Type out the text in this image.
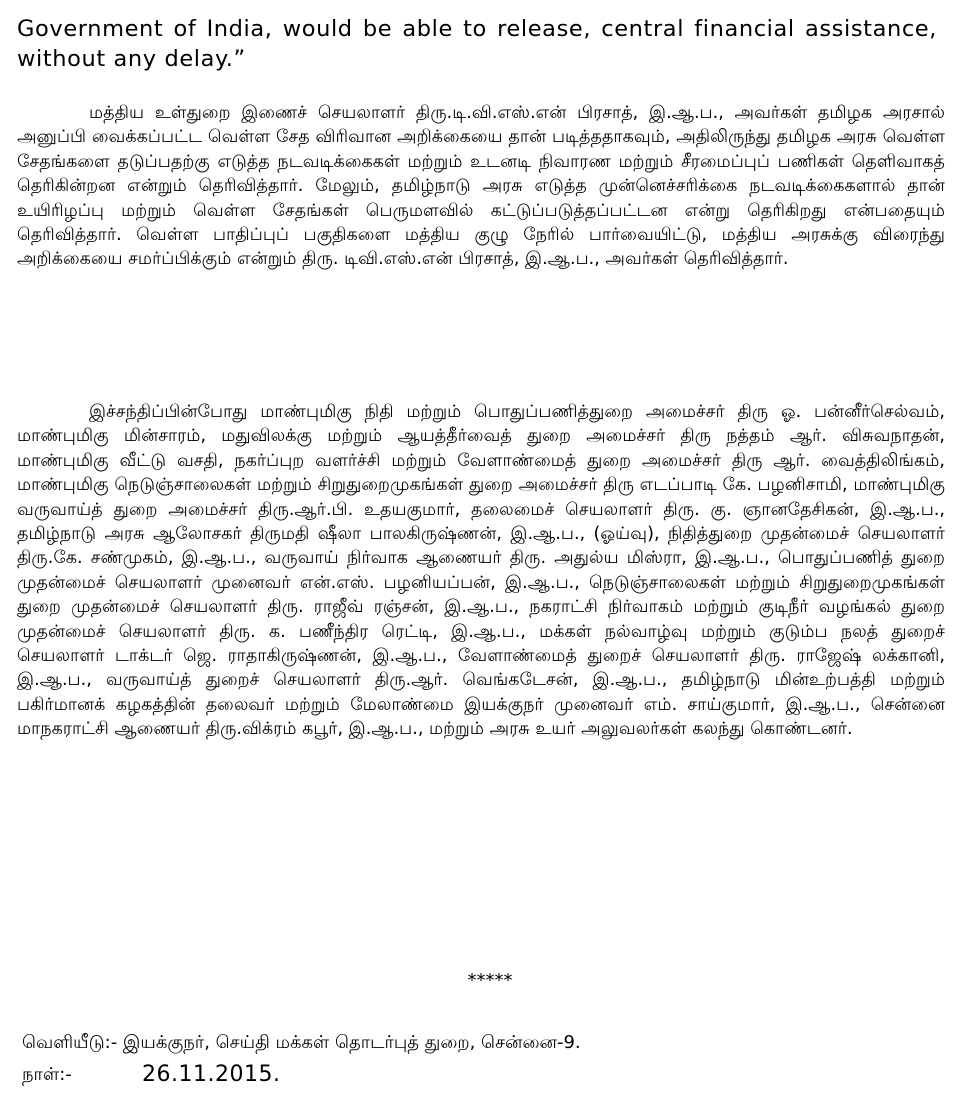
Government of India, would be able to release, central financial assistance, without any delay.”

மத்திய உள்துறை இணைச் செயலாளர் திரு.டி.வி.எஸ்.என் பிரசாத், இ.ஆ.ப., அவர்கள் தமிழக அரசால் அனுப்பி வைக்கப்பட்ட வெள்ள சேத விரிவான அறிக்கையை தான் படித்ததாகவும், அதிலிருந்து தமிழக அரசு வெள்ள சேதங்களை தடுப்பதற்கு எடுத்த நடவடிக்கைகள் மற்றும் உடனடி நிவாரண மற்றும் சீரமைப்புப் பணிகள் தெளிவாகத் தெரிகின்றன என்றும் தெரிவித்தார். மேலும், தமிழ்நாடு அரசு எடுத்த முன்னெச்சரிக்கை நடவடிக்கைகளால் தான் உயிரிழப்பு மற்றும் வெள்ள சேதங்கள் பெருமளவில் கட்டுப்படுத்தப்பட்டன என்று தெரிகிறது என்பதையும் தெரிவித்தார். வெள்ள பாதிப்புப் பகுதிகளை மத்திய குழு நேரில் பார்வையிட்டு, மத்திய அரசுக்கு விரைந்து அறிக்கையை சமர்ப்பிக்கும் என்றும் திரு. டிவி.எஸ்.என் பிரசாத், இ.ஆ.ப., அவர்கள் தெரிவித்தார்.

இச்சந்திப்பின்போது மாண்புமிகு நிதி மற்றும் பொதுப்பணித்துறை அமைச்சர் திரு ஓ. பன்னீர்செல்வம், மாண்புமிகு மின்சாரம், மதுவிலக்கு மற்றும் ஆயத்தீர்வைத் துறை அமைச்சர் திரு நத்தம் ஆர். விசுவநாதன், மாண்புமிகு வீட்டு வசதி, நகர்ப்புற வளர்ச்சி மற்றும் வேளாண்மைத் துறை அமைச்சர் திரு ஆர். வைத்திலிங்கம், மாண்புமிகு நெடுஞ்சாலைகள் மற்றும் சிறுதுறைமுகங்கள் துறை அமைச்சர் திரு எடப்பாடி கே. பழனிசாமி, மாண்புமிகு வருவாய்த் துறை அமைச்சர் திரு.ஆர்.பி. உதயகுமார், தலைமைச் செயலாளர் திரு. கு. ஞானதேசிகன், இ.ஆ.ப., தமிழ்நாடு அரசு ஆலோசகர் திருமதி ஷீலா பாலகிருஷ்ணன், இ.ஆ.ப., (ஓய்வு), நிதித்துறை முதன்மைச் செயலாளர் திரு.கே. சண்முகம், இ.ஆ.ப., வருவாய் நிர்வாக ஆணையர் திரு. அதுல்ய மிஸ்ரா, இ.ஆ.ப., பொதுப்பணித் துறை முதன்மைச் செயலாளர் முனைவர் என்.எஸ். பழனியப்பன், இ.ஆ.ப., நெடுஞ்சாலைகள் மற்றும் சிறுதுறைமுகங்கள் துறை முதன்மைச் செயலாளர் திரு. ராஜீவ் ரஞ்சன், இ.ஆ.ப., நகராட்சி நிர்வாகம் மற்றும் குடிநீர் வழங்கல் துறை முதன்மைச் செயலாளர் திரு. க. பணீந்திர ரெட்டி, இ.ஆ.ப., மக்கள் நல்வாழ்வு மற்றும் குடும்ப நலத் துறைச் செயலாளர் டாக்டர் ஜெ. ராதாகிருஷ்ணன், இ.ஆ.ப., வேளாண்மைத் துறைச் செயலாளர் திரு. ராஜேஷ் லக்கானி, இ.ஆ.ப., வருவாய்த் துறைச் செயலாளர் திரு.ஆர். வெங்கடேசன், இ.ஆ.ப., தமிழ்நாடு மின்உற்பத்தி மற்றும் பகிர்மானக் கழகத்தின் தலைவர் மற்றும் மேலாண்மை இயக்குநர் முனைவர் எம். சாய்குமார், இ.ஆ.ப., சென்னை மாநகராட்சி ஆணையர் திரு.விக்ரம் கபூர், இ.ஆ.ப., மற்றும் அரசு உயர் அலுவலர்கள் கலந்து கொண்டனர்.

*****

வெளியீடு:- இயக்குநர், செய்தி மக்கள் தொடர்புத் துறை, சென்னை-9.

நாள்:-	26.11.2015.
